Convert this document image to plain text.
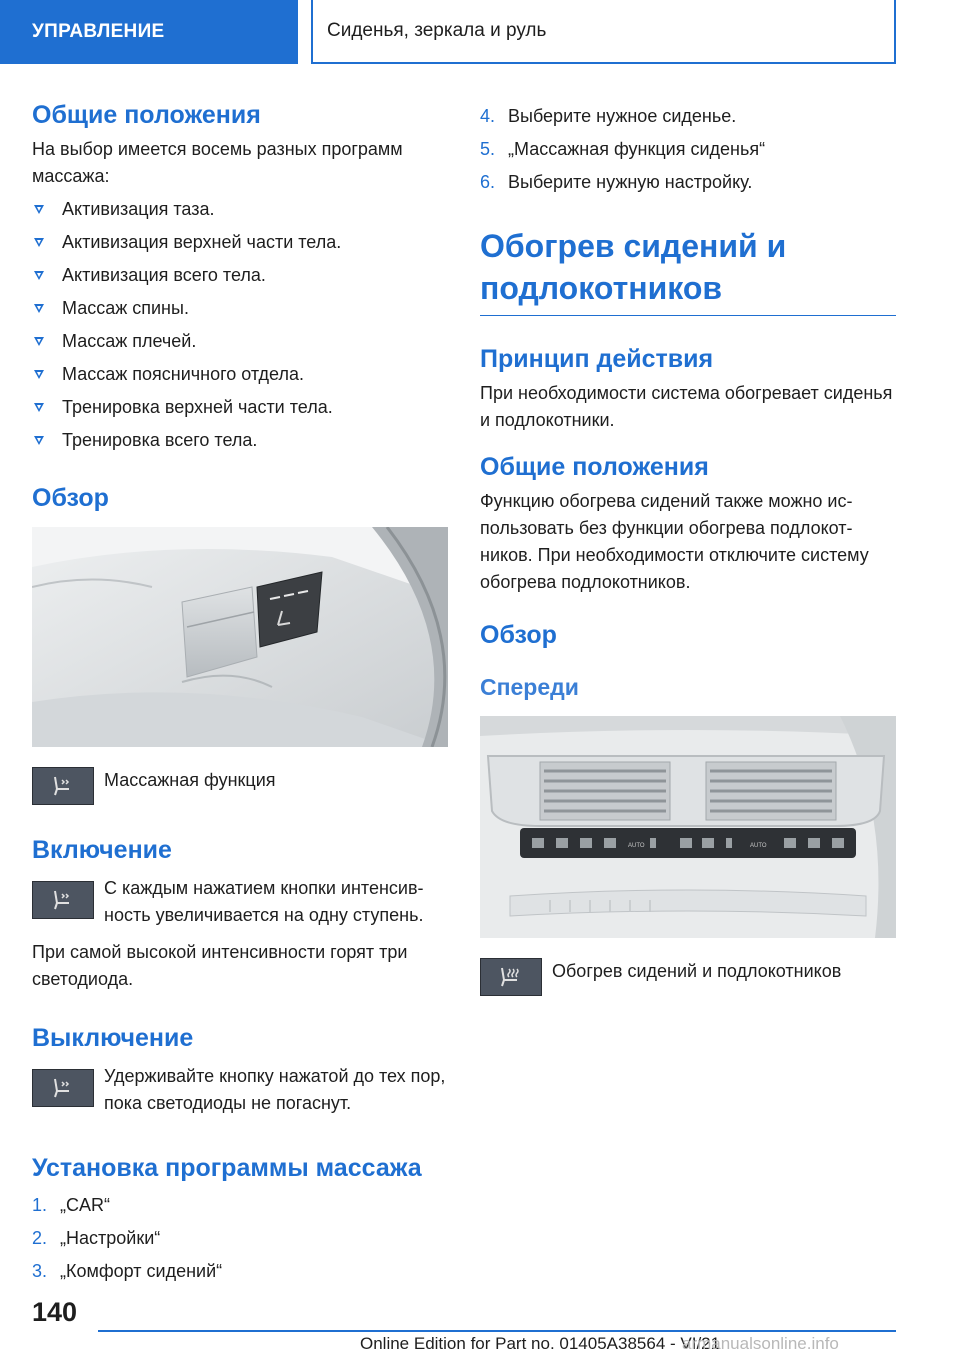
УПРАВЛЕНИЕ	Сиденья, зеркала и руль
Общие положения

На выбор имеется восемь разных программ массажа:

Активизация таза.
Активизация верхней части тела.
Активизация всего тела.
Массаж спины.
Массаж плечей.
Массаж поясничного отдела.
Тренировка верхней части тела.
Тренировка всего тела.
Обзор
Массажная функция
Включение
С каждым нажатием кнопки интенсивность увеличивается на одну ступень.

При самой высокой интенсивности горят три светодиода.

Выключение
Удерживайте кнопку нажатой до тех пор, пока светодиоды не погаснут.
Установка программы массажа
1. „CAR“
2. „Настройки“
3. „Комфорт сидений“
4. Выберите нужное сиденье.
5. „Массажная функция сиденья“
6. Выберите нужную настройку.
Обогрев сидений и подлокотников
Принцип действия

При необходимости система обогревает сиденья и подлокотники.

Общие положения

Функцию обогрева сидений также можно использовать без функции обогрева подлокотников. При необходимости отключите систему обогрева подлокотников.

Обзор
Спереди
AUTO	AUTO
Обогрев сидений и подлокотников
140
Online Edition for Part no. 01405A38564 - VI/21
armanualsonline.info
